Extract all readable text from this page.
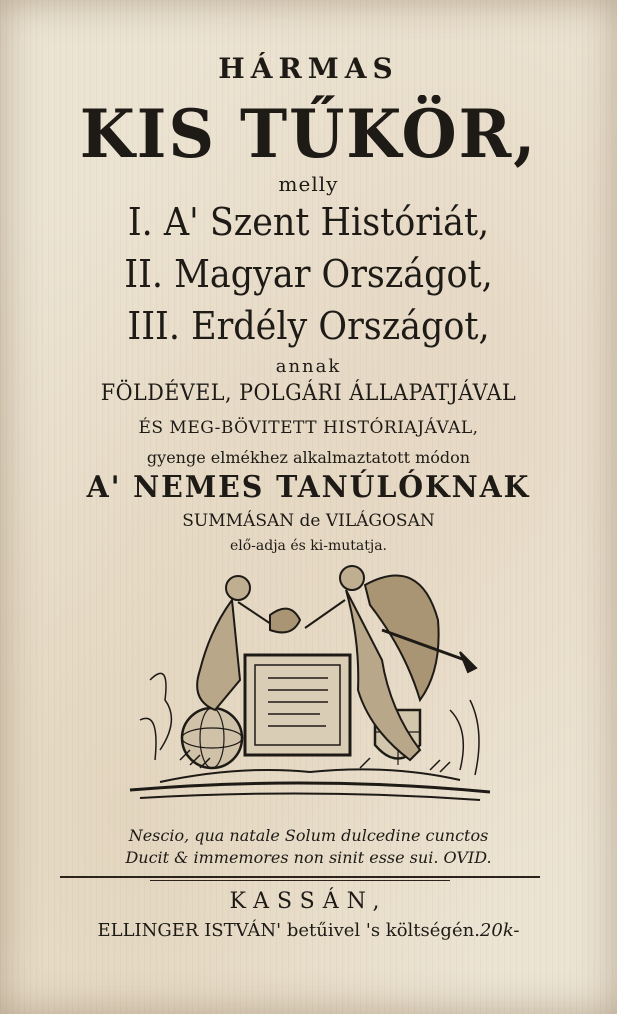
HÁRMAS
KIS TŰKÖR,
melly
I. A' Szent Históriát,
II. Magyar Országot,
III. Erdély Országot,
annak
FÖLDÉVEL, POLGÁRI ÁLLAPATJÁVAL
ÉS MEG-BÖVITETT HISTÓRIAJÁVAL,
gyenge elmékhez alkalmaztatott módon
A' NEMES TANÚLÓKNAK
SUMMÁSAN de VILÁGOSAN
elő-adja és ki-mutatja.
Nescio, qua natale Solum dulcedine cunctos
Ducit & immemores non sinit esse sui. OVID.
KASSÁN,
ELLINGER ISTVÁN' betűivel 's költségén.20k-
